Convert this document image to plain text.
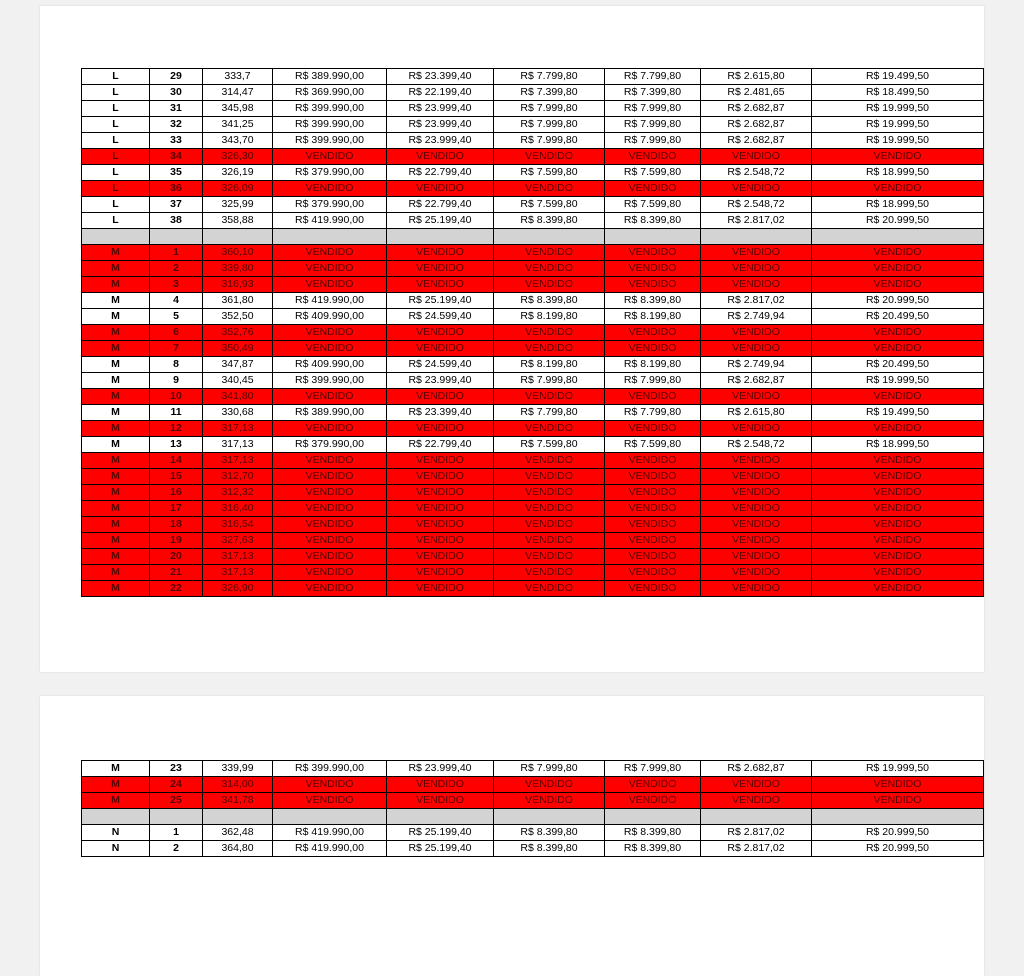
L	29	333,7	R$ 389.990,00	R$ 23.399,40	R$ 7.799,80	R$ 7.799,80	R$ 2.615,80	R$ 19.499,50
L	30	314,47	R$ 369.990,00	R$ 22.199,40	R$ 7.399,80	R$ 7.399,80	R$ 2.481,65	R$ 18.499,50
L	31	345,98	R$ 399.990,00	R$ 23.999,40	R$ 7.999,80	R$ 7.999,80	R$ 2.682,87	R$ 19.999,50
L	32	341,25	R$ 399.990,00	R$ 23.999,40	R$ 7.999,80	R$ 7.999,80	R$ 2.682,87	R$ 19.999,50
L	33	343,70	R$ 399.990,00	R$ 23.999,40	R$ 7.999,80	R$ 7.999,80	R$ 2.682,87	R$ 19.999,50
L	34	326,30	VENDIDO	VENDIDO	VENDIDO	VENDIDO	VENDIDO	VENDIDO
L	35	326,19	R$ 379.990,00	R$ 22.799,40	R$ 7.599,80	R$ 7.599,80	R$ 2.548,72	R$ 18.999,50
L	36	326,09	VENDIDO	VENDIDO	VENDIDO	VENDIDO	VENDIDO	VENDIDO
L	37	325,99	R$ 379.990,00	R$ 22.799,40	R$ 7.599,80	R$ 7.599,80	R$ 2.548,72	R$ 18.999,50
L	38	358,88	R$ 419.990,00	R$ 25.199,40	R$ 8.399,80	R$ 8.399,80	R$ 2.817,02	R$ 20.999,50

M	1	360,10	VENDIDO	VENDIDO	VENDIDO	VENDIDO	VENDIDO	VENDIDO
M	2	339,80	VENDIDO	VENDIDO	VENDIDO	VENDIDO	VENDIDO	VENDIDO
M	3	316,93	VENDIDO	VENDIDO	VENDIDO	VENDIDO	VENDIDO	VENDIDO
M	4	361,80	R$ 419.990,00	R$ 25.199,40	R$ 8.399,80	R$ 8.399,80	R$ 2.817,02	R$ 20.999,50
M	5	352,50	R$ 409.990,00	R$ 24.599,40	R$ 8.199,80	R$ 8.199,80	R$ 2.749,94	R$ 20.499,50
M	6	352,76	VENDIDO	VENDIDO	VENDIDO	VENDIDO	VENDIDO	VENDIDO
M	7	350,49	VENDIDO	VENDIDO	VENDIDO	VENDIDO	VENDIDO	VENDIDO
M	8	347,87	R$ 409.990,00	R$ 24.599,40	R$ 8.199,80	R$ 8.199,80	R$ 2.749,94	R$ 20.499,50
M	9	340,45	R$ 399.990,00	R$ 23.999,40	R$ 7.999,80	R$ 7.999,80	R$ 2.682,87	R$ 19.999,50
M	10	341,80	VENDIDO	VENDIDO	VENDIDO	VENDIDO	VENDIDO	VENDIDO
M	11	330,68	R$ 389.990,00	R$ 23.399,40	R$ 7.799,80	R$ 7.799,80	R$ 2.615,80	R$ 19.499,50
M	12	317,13	VENDIDO	VENDIDO	VENDIDO	VENDIDO	VENDIDO	VENDIDO
M	13	317,13	R$ 379.990,00	R$ 22.799,40	R$ 7.599,80	R$ 7.599,80	R$ 2.548,72	R$ 18.999,50
M	14	317,13	VENDIDO	VENDIDO	VENDIDO	VENDIDO	VENDIDO	VENDIDO
M	15	312,70	VENDIDO	VENDIDO	VENDIDO	VENDIDO	VENDIDO	VENDIDO
M	16	312,32	VENDIDO	VENDIDO	VENDIDO	VENDIDO	VENDIDO	VENDIDO
M	17	316,40	VENDIDO	VENDIDO	VENDIDO	VENDIDO	VENDIDO	VENDIDO
M	18	316,54	VENDIDO	VENDIDO	VENDIDO	VENDIDO	VENDIDO	VENDIDO
M	19	327,63	VENDIDO	VENDIDO	VENDIDO	VENDIDO	VENDIDO	VENDIDO
M	20	317,13	VENDIDO	VENDIDO	VENDIDO	VENDIDO	VENDIDO	VENDIDO
M	21	317,13	VENDIDO	VENDIDO	VENDIDO	VENDIDO	VENDIDO	VENDIDO
M	22	326,90	VENDIDO	VENDIDO	VENDIDO	VENDIDO	VENDIDO	VENDIDO
M	23	339,99	R$ 399.990,00	R$ 23.999,40	R$ 7.999,80	R$ 7.999,80	R$ 2.682,87	R$ 19.999,50
M	24	314,00	VENDIDO	VENDIDO	VENDIDO	VENDIDO	VENDIDO	VENDIDO
M	25	341,78	VENDIDO	VENDIDO	VENDIDO	VENDIDO	VENDIDO	VENDIDO

N	1	362,48	R$ 419.990,00	R$ 25.199,40	R$ 8.399,80	R$ 8.399,80	R$ 2.817,02	R$ 20.999,50
N	2	364,80	R$ 419.990,00	R$ 25.199,40	R$ 8.399,80	R$ 8.399,80	R$ 2.817,02	R$ 20.999,50
